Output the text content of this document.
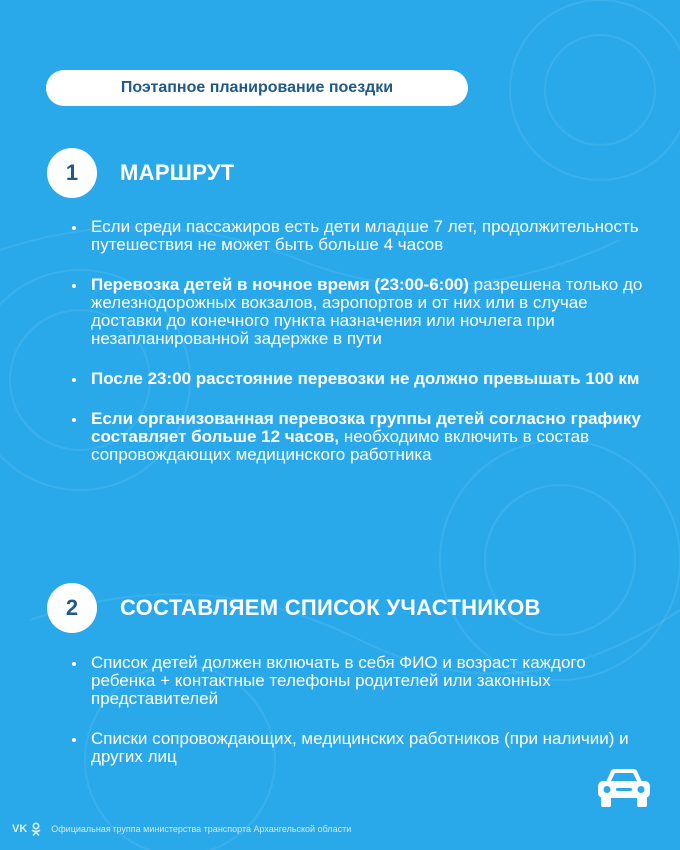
Поэтапное планирование поездки
1	МАРШРУТ
Если среди пассажиров есть дети младше 7 лет, продолжительность путешествия не может быть больше 4 часов
Перевозка детей в ночное время (23:00-6:00) разрешена только до железнодорожных вокзалов, аэропортов и от них или в случае доставки до конечного пункта назначения или ночлега при незапланированной задержке в пути
После 23:00 расстояние перевозки не должно превышать 100 км
Если организованная перевозка группы детей согласно графику составляет больше 12 часов, необходимо включить в состав сопровождающих медицинского работника
2	СОСТАВЛЯЕМ СПИСОК УЧАСТНИКОВ
Список детей должен включать в себя ФИО и возраст каждого ребенка + контактные телефоны родителей или законных представителей
Списки сопровождающих, медицинских работников (при наличии) и других лиц
VK	Официальная группа министерства транспорта Архангельской области
